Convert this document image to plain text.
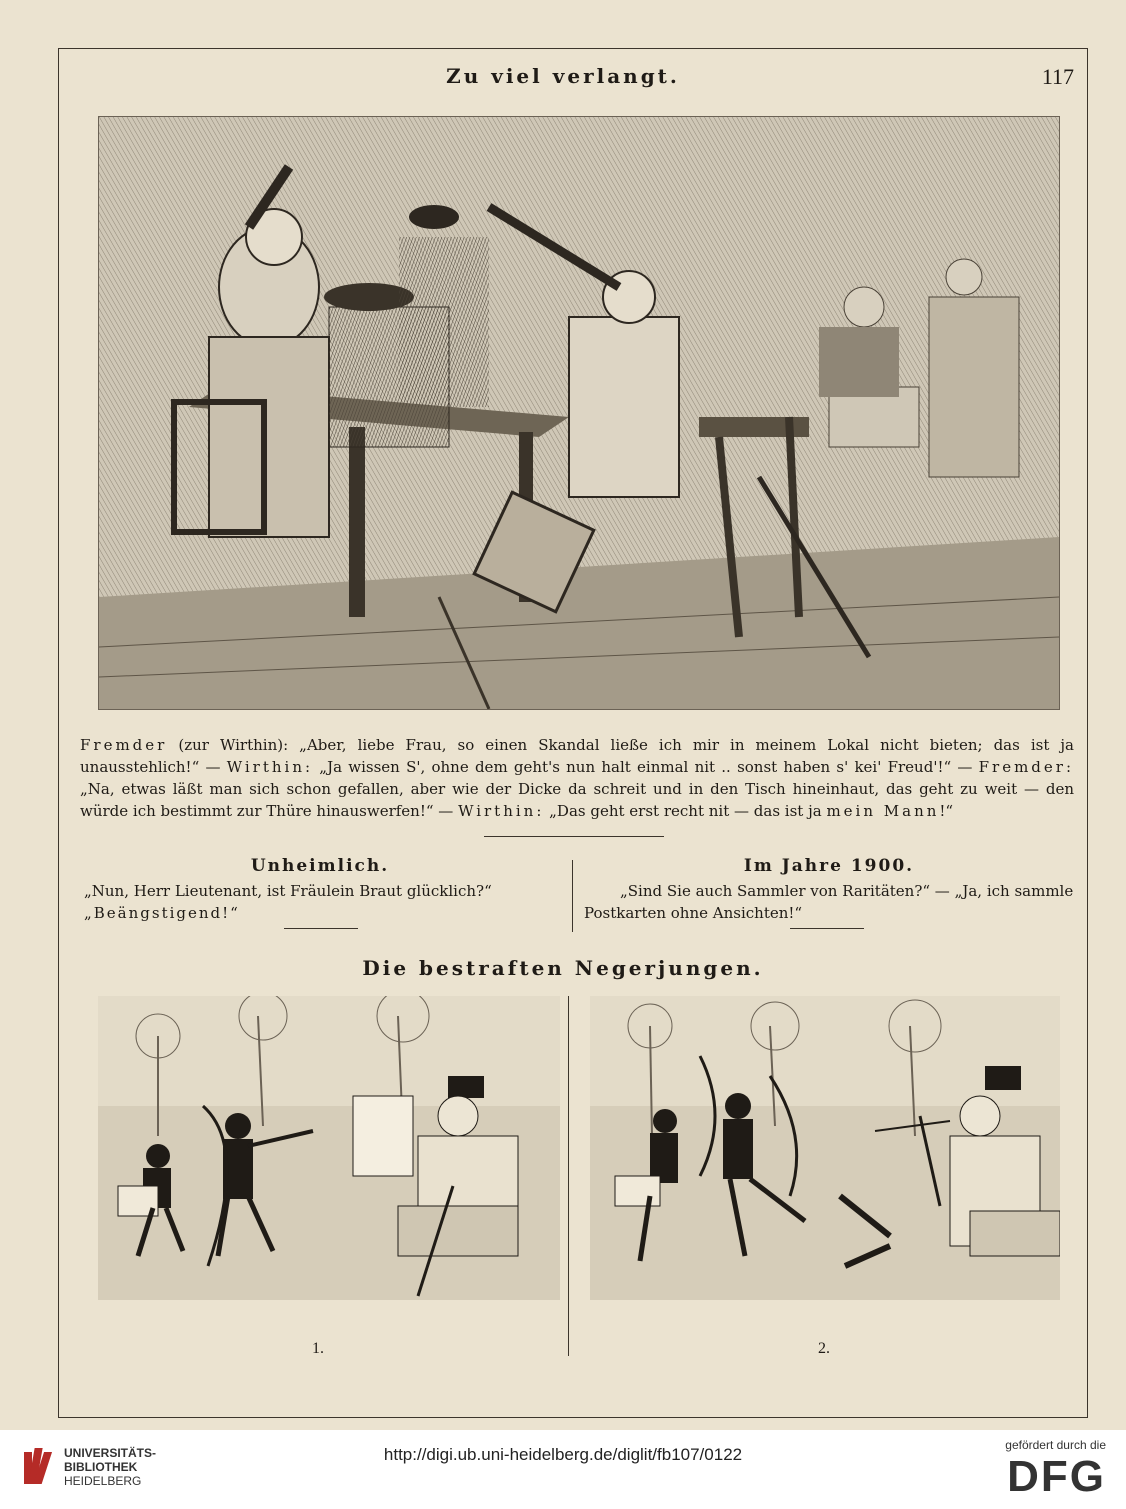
Zu viel verlangt.	117
Fremder (zur Wirthin): „Aber, liebe Frau, so einen Skandal ließe ich mir in meinem Lokal nicht bieten; das ist ja unausstehlich!“ — Wirthin: „Ja wissen S', ohne dem geht's nun halt einmal nit .. sonst haben s' kei' Freud'!“ — Fremder: „Na, etwas läßt man sich schon gefallen, aber wie der Dicke da schreit und in den Tisch hineinhaut, das geht zu weit — den würde ich bestimmt zur Thüre hinauswerfen!“ — Wirthin: „Das geht erst recht nit — das ist ja mein Mann!“
Unheimlich.
„Nun, Herr Lieutenant, ist Fräulein Braut glücklich?“
„Beängstigend!“
Im Jahre 1900.
„Sind Sie auch Sammler von Raritäten?“ — „Ja, ich sammle
Postkarten ohne Ansichten!“
Die bestraften Negerjungen.
1.	2.
UNIVERSITÄTS-
BIBLIOTHEK
HEIDELBERG
http://digi.ub.uni-heidelberg.de/diglit/fb107/0122	gefördert durch die
DFG
